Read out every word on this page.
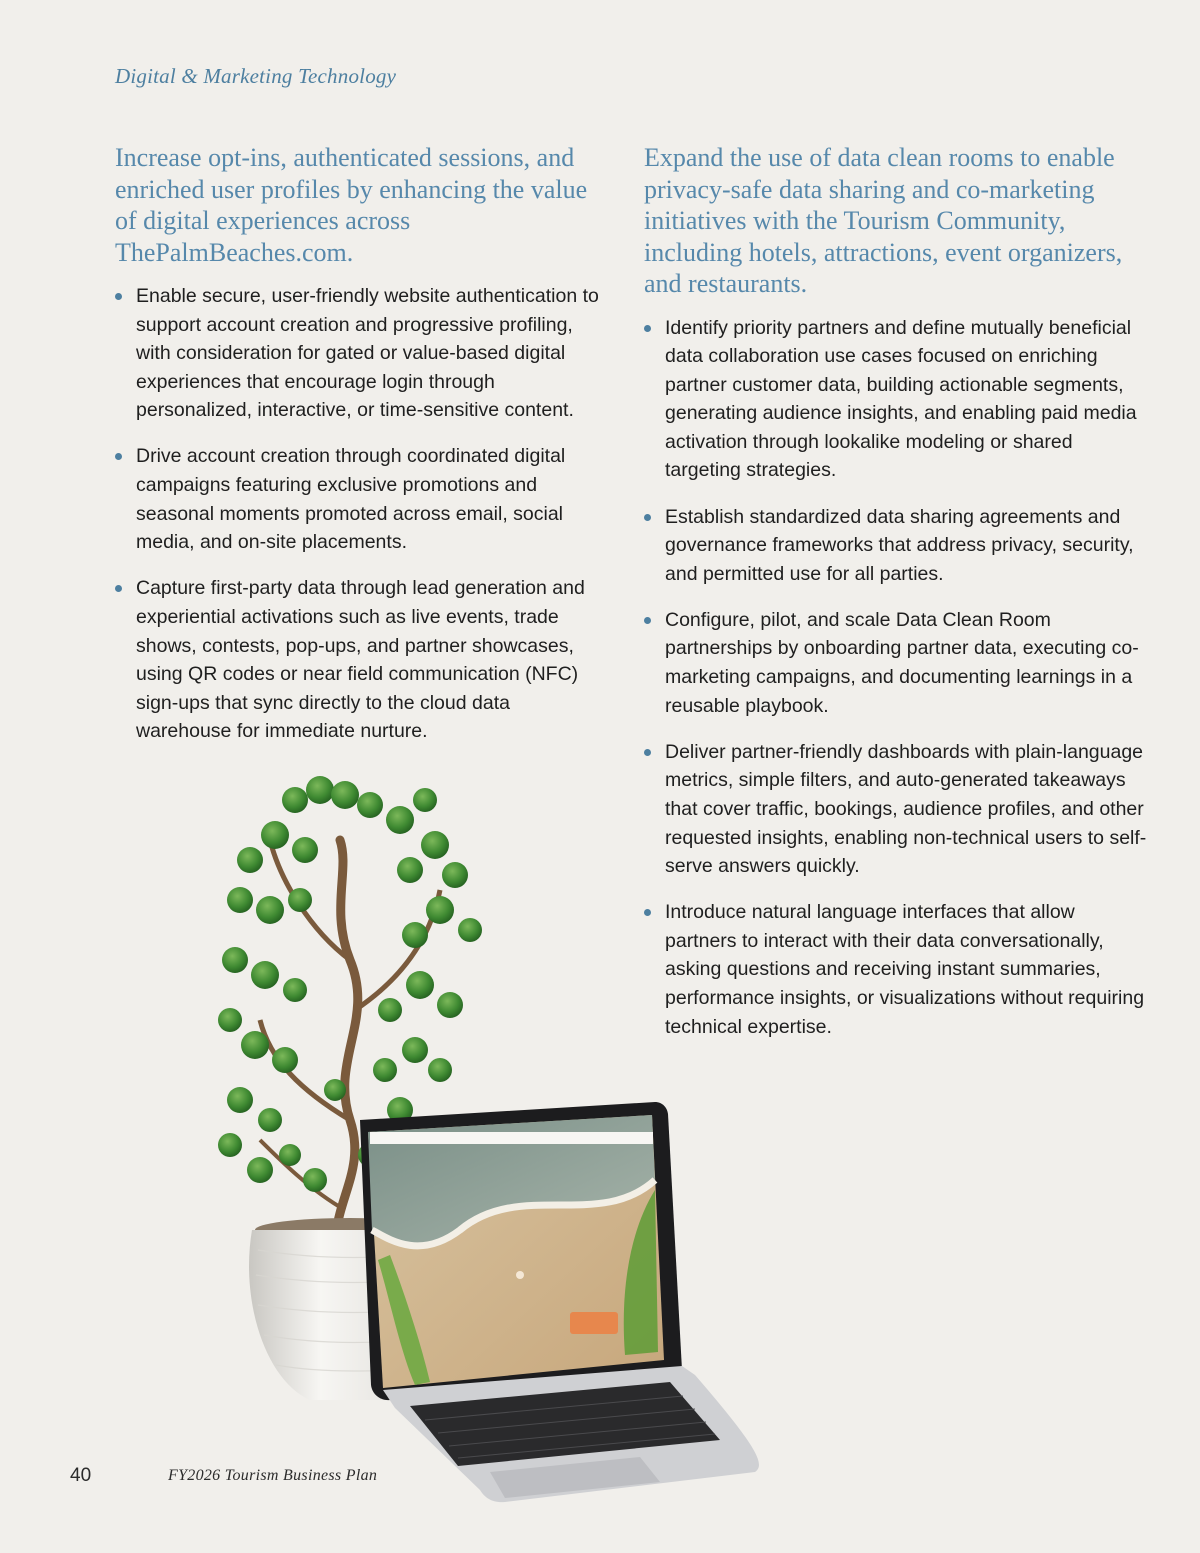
Digital & Marketing Technology
Increase opt-ins, authenticated sessions, and enriched user profiles by enhancing the value of digital experiences across ThePalmBeaches.com.
Enable secure, user-friendly website authentication to support account creation and progressive profiling, with consideration for gated or value-based digital experiences that encourage login through personalized, interactive, or time-sensitive content.
Drive account creation through coordinated digital campaigns featuring exclusive promotions and seasonal moments promoted across email, social media, and on-site placements.
Capture first-party data through lead generation and experiential activations such as live events, trade shows, contests, pop-ups, and partner showcases, using QR codes or near field communication (NFC) sign-ups that sync directly to the cloud data warehouse for immediate nurture.
Expand the use of data clean rooms to enable privacy-safe data sharing and co-marketing initiatives with the Tourism Community, including hotels, attractions, event organizers, and restaurants.
Identify priority partners and define mutually beneficial data collaboration use cases focused on enriching partner customer data, building actionable segments, generating audience insights, and enabling paid media activation through lookalike modeling or shared targeting strategies.
Establish standardized data sharing agreements and governance frameworks that address privacy, security, and permitted use for all parties.
Configure, pilot, and scale Data Clean Room partnerships by onboarding partner data, executing co-marketing campaigns, and documenting learnings in a reusable playbook.
Deliver partner-friendly dashboards with plain-language metrics, simple filters, and auto-generated takeaways that cover traffic, bookings, audience profiles, and other requested insights, enabling non-technical users to self-serve answers quickly.
Introduce natural language interfaces that allow partners to interact with their data conversationally, asking questions and receiving instant summaries, performance insights, or visualizations without requiring technical expertise.
40	FY2026 Tourism Business Plan
